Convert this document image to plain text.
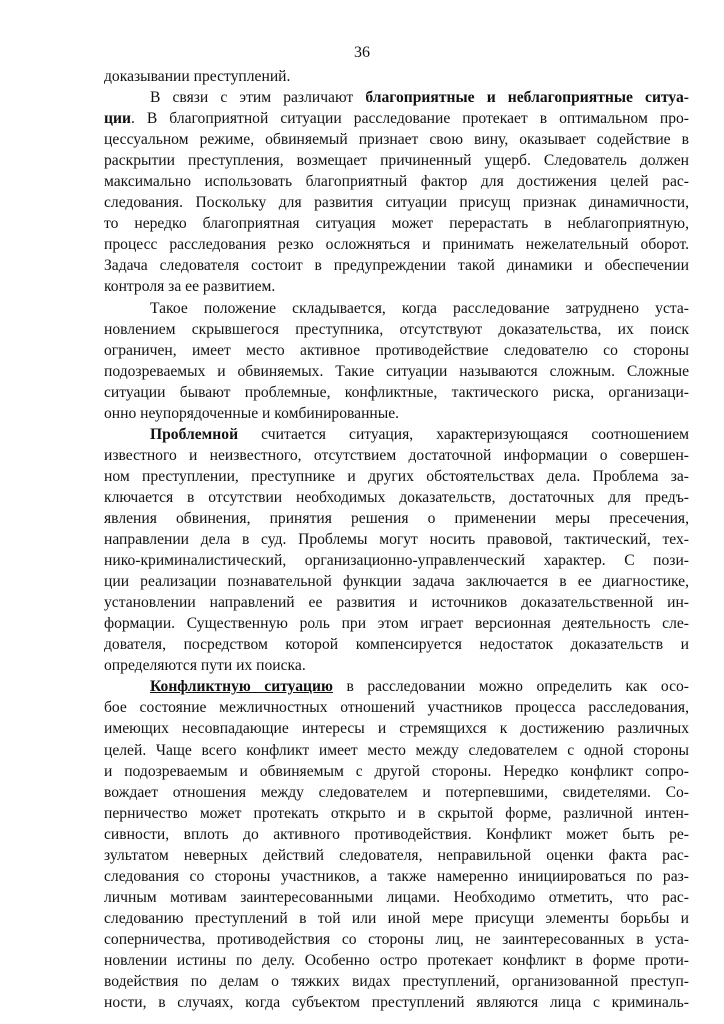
36
доказывании преступлений.
В связи с этим различают благоприятные и неблагоприятные ситуа-
ции. В благоприятной ситуации расследование протекает в оптимальном про-
цессуальном режиме, обвиняемый признает свою вину, оказывает содействие в
раскрытии преступления, возмещает причиненный ущерб. Следователь должен
максимально использовать благоприятный фактор для достижения целей рас-
следования. Поскольку для развития ситуации присущ признак динамичности,
то нередко благоприятная ситуация может перерастать в неблагоприятную,
процесс расследования резко осложняться и принимать нежелательный оборот.
Задача следователя состоит в предупреждении такой динамики и обеспечении
контроля за ее развитием.
Такое положение складывается, когда расследование затруднено уста-
новлением скрывшегося преступника, отсутствуют доказательства, их поиск
ограничен, имеет место активное противодействие следователю со стороны
подозреваемых и обвиняемых. Такие ситуации называются сложным. Сложные
ситуации бывают проблемные, конфликтные, тактического риска, организаци-
онно неупорядоченные и комбинированные.
Проблемной считается ситуация, характеризующаяся соотношением
известного и неизвестного, отсутствием достаточной информации о совершен-
ном преступлении, преступнике и других обстоятельствах дела. Проблема за-
ключается в отсутствии необходимых доказательств, достаточных для предъ-
явления обвинения, принятия решения о применении меры пресечения,
направлении дела в суд. Проблемы могут носить правовой, тактический, тех-
нико-криминалистический, организационно-управленческий характер. С пози-
ции реализации познавательной функции задача заключается в ее диагностике,
установлении направлений ее развития и источников доказательственной ин-
формации. Существенную роль при этом играет версионная деятельность сле-
дователя, посредством которой компенсируется недостаток доказательств и
определяются пути их поиска.
Конфликтную ситуацию в расследовании можно определить как осо-
бое состояние межличностных отношений участников процесса расследования,
имеющих несовпадающие интересы и стремящихся к достижению различных
целей. Чаще всего конфликт имеет место между следователем с одной стороны
и подозреваемым и обвиняемым с другой стороны. Нередко конфликт сопро-
вождает отношения между следователем и потерпевшими, свидетелями. Со-
перничество может протекать открыто и в скрытой форме, различной интен-
сивности, вплоть до активного противодействия. Конфликт может быть ре-
зультатом неверных действий следователя, неправильной оценки факта рас-
следования со стороны участников, а также намеренно инициироваться по раз-
личным мотивам заинтересованными лицами. Необходимо отметить, что рас-
следованию преступлений в той или иной мере присущи элементы борьбы и
соперничества, противодействия со стороны лиц, не заинтересованных в уста-
новлении истины по делу. Особенно остро протекает конфликт в форме проти-
водействия по делам о тяжких видах преступлений, организованной преступ-
ности, в случаях, когда субъектом преступлений являются лица с криминаль-
